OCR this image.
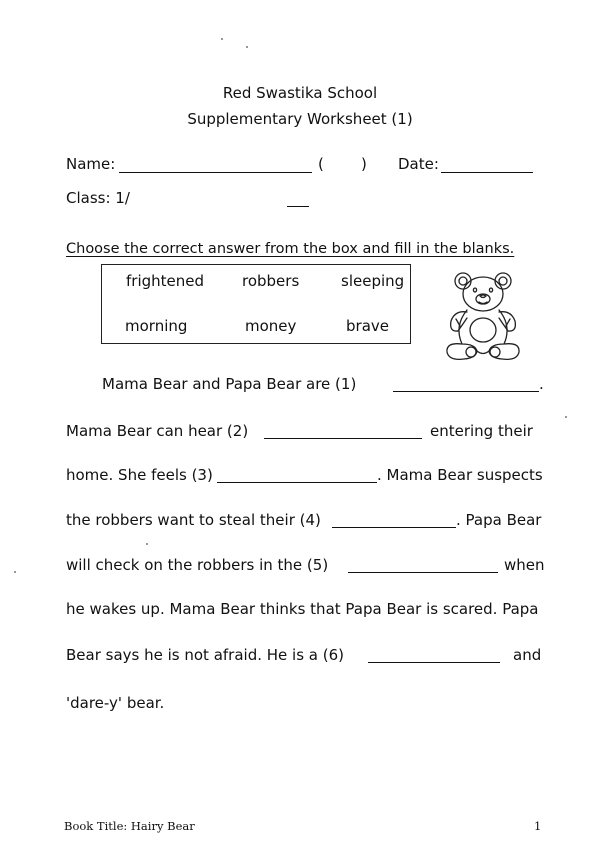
Red Swastika School
Supplementary Worksheet (1)
Name:	( ) Date:
Class: 1/
Choose the correct answer from the box and fill in the blanks.
frightened	robbers	sleeping
morning	money	brave
Mama Bear and Papa Bear are (1)	.
Mama Bear can hear (2)	entering their
home. She feels (3)	. Mama Bear suspects
the robbers want to steal their (4)	. Papa Bear
will check on the robbers in the (5)	when
he wakes up. Mama Bear thinks that Papa Bear is scared. Papa
Bear says he is not afraid. He is a (6)	and
'dare-y' bear.
Book Title: Hairy Bear	1
